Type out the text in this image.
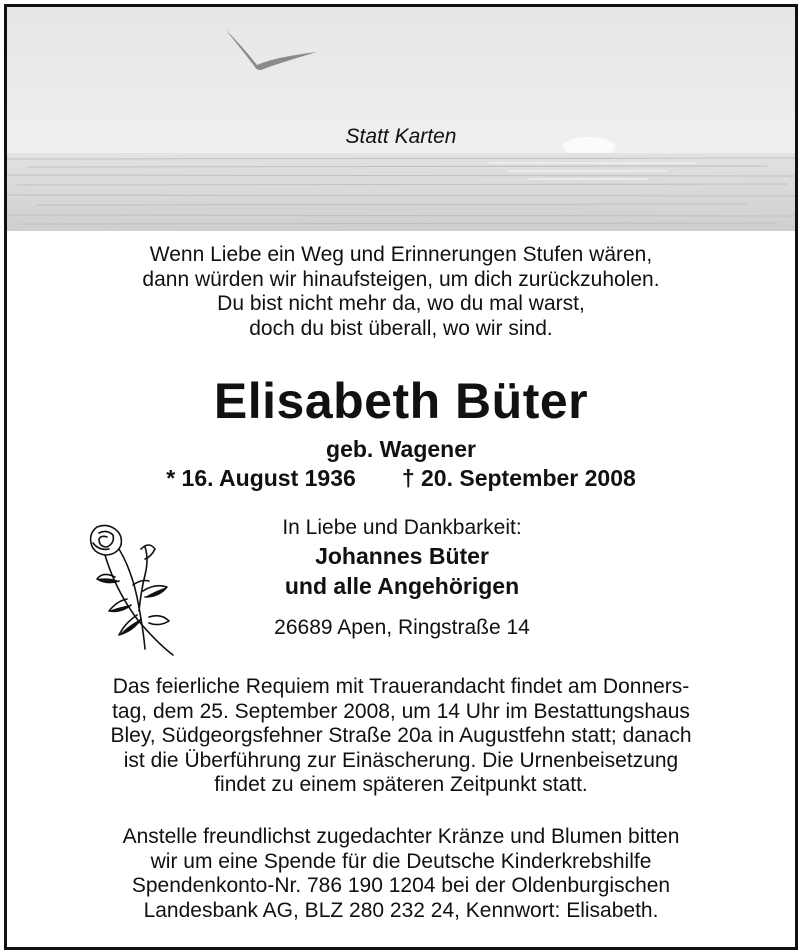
Statt Karten
Wenn Liebe ein Weg und Erinnerungen Stufen wären,
dann würden wir hinaufsteigen, um dich zurückzuholen.
Du bist nicht mehr da, wo du mal warst,
doch du bist überall, wo wir sind.
Elisabeth Büter
geb. Wagener
* 16. August 1936 † 20. September 2008
In Liebe und Dankbarkeit:
Johannes Büter
und alle Angehörigen
26689 Apen, Ringstraße 14
Das feierliche Requiem mit Trauerandacht findet am Donners-
tag, dem 25. September 2008, um 14 Uhr im Bestattungshaus
Bley, Südgeorgsfehner Straße 20a in Augustfehn statt; danach
ist die Überführung zur Einäscherung. Die Urnenbeisetzung
findet zu einem späteren Zeitpunkt statt.
Anstelle freundlichst zugedachter Kränze und Blumen bitten
wir um eine Spende für die Deutsche Kinderkrebshilfe
Spendenkonto-Nr. 786 190 1204 bei der Oldenburgischen
Landesbank AG, BLZ 280 232 24, Kennwort: Elisabeth.
